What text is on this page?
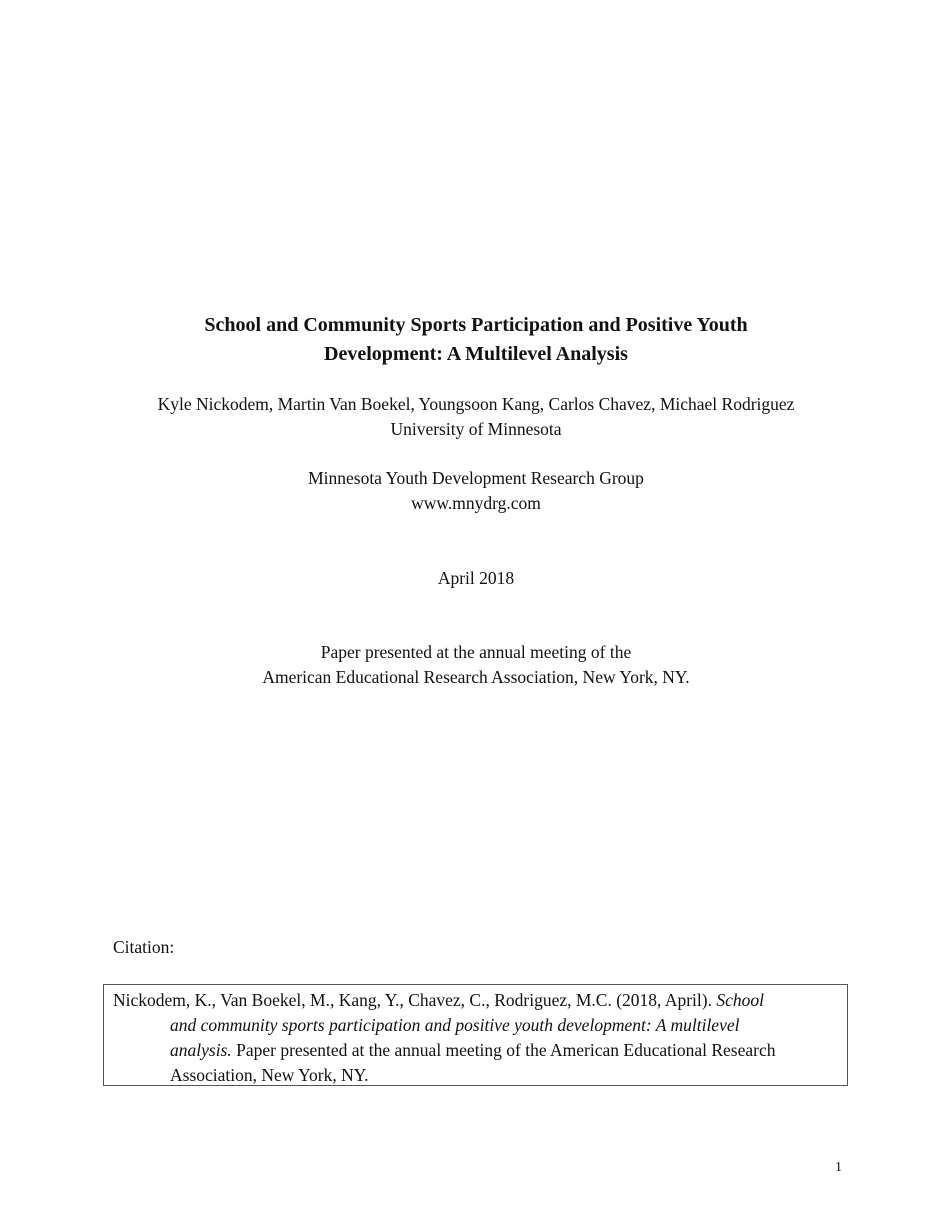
School and Community Sports Participation and Positive Youth
Development: A Multilevel Analysis
Kyle Nickodem, Martin Van Boekel, Youngsoon Kang, Carlos Chavez, Michael Rodriguez
University of Minnesota
Minnesota Youth Development Research Group
www.mnydrg.com
April 2018
Paper presented at the annual meeting of the
American Educational Research Association, New York, NY.
Citation:
Nickodem, K., Van Boekel, M., Kang, Y., Chavez, C., Rodriguez, M.C. (2018, April). School
and community sports participation and positive youth development: A multilevel
analysis. Paper presented at the annual meeting of the American Educational Research
Association, New York, NY.
1
